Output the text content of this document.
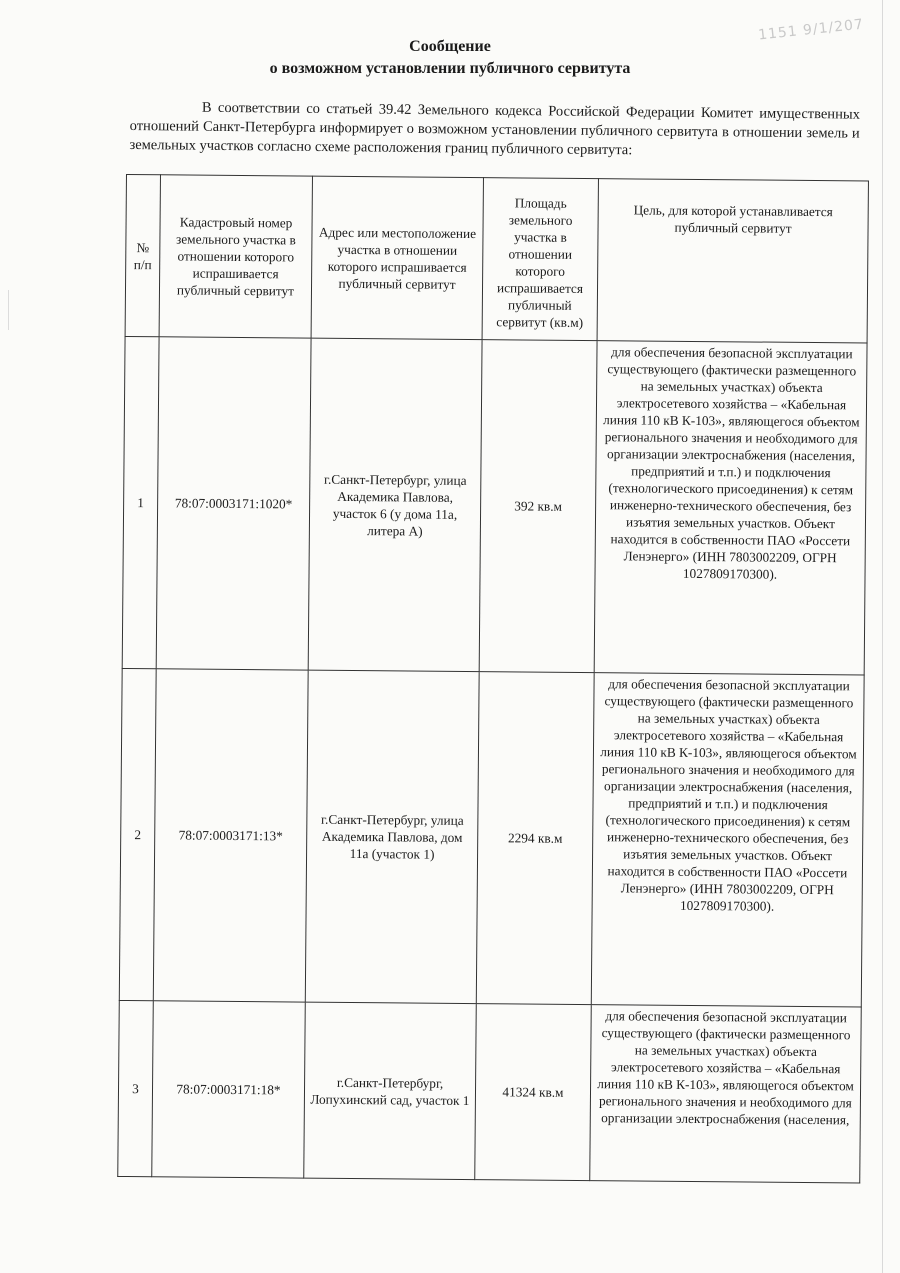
1151 9/1/207
Сообщение
о возможном установлении публичного сервитута
В соответствии со статьей 39.42 Земельного кодекса Российской Федерации Комитет имущественных отношений Санкт-Петербурга информирует о возможном установлении публичного сервитута в отношении земель и земельных участков согласно схеме расположения границ публичного сервитута:
№ п/п	Кадастровый номер земельного участка в отношении которого испрашивается публичный сервитут	Адрес или местоположение участка в отношении которого испрашивается публичный сервитут	Площадь земельного участка в отношении которого испрашивается публичный сервитут (кв.м)	Цель, для которой устанавливается публичный сервитут
1	78:07:0003171:1020*	г.Санкт-Петербург, улица Академика Павлова, участок 6 (у дома 11а, литера А)	392 кв.м	для обеспечения безопасной эксплуатации существующего (фактически размещенного на земельных участках) объекта электросетевого хозяйства – «Кабельная линия 110 кВ К-103», являющегося объектом регионального значения и необходимого для организации электроснабжения (населения, предприятий и т.п.) и подключения (технологического присоединения) к сетям инженерно-технического обеспечения, без изъятия земельных участков. Объект находится в собственности ПАО «Россети Ленэнерго» (ИНН 7803002209, ОГРН 1027809170300).
2	78:07:0003171:13*	г.Санкт-Петербург, улица Академика Павлова, дом 11а (участок 1)	2294 кв.м	для обеспечения безопасной эксплуатации существующего (фактически размещенного на земельных участках) объекта электросетевого хозяйства – «Кабельная линия 110 кВ К-103», являющегося объектом регионального значения и необходимого для организации электроснабжения (населения, предприятий и т.п.) и подключения (технологического присоединения) к сетям инженерно-технического обеспечения, без изъятия земельных участков. Объект находится в собственности ПАО «Россети Ленэнерго» (ИНН 7803002209, ОГРН 1027809170300).
3	78:07:0003171:18*	г.Санкт-Петербург, Лопухинский сад, участок 1	41324 кв.м	для обеспечения безопасной эксплуатации существующего (фактически размещенного на земельных участках) объекта электросетевого хозяйства – «Кабельная линия 110 кВ К-103», являющегося объектом регионального значения и необходимого для организации электроснабжения (населения,
